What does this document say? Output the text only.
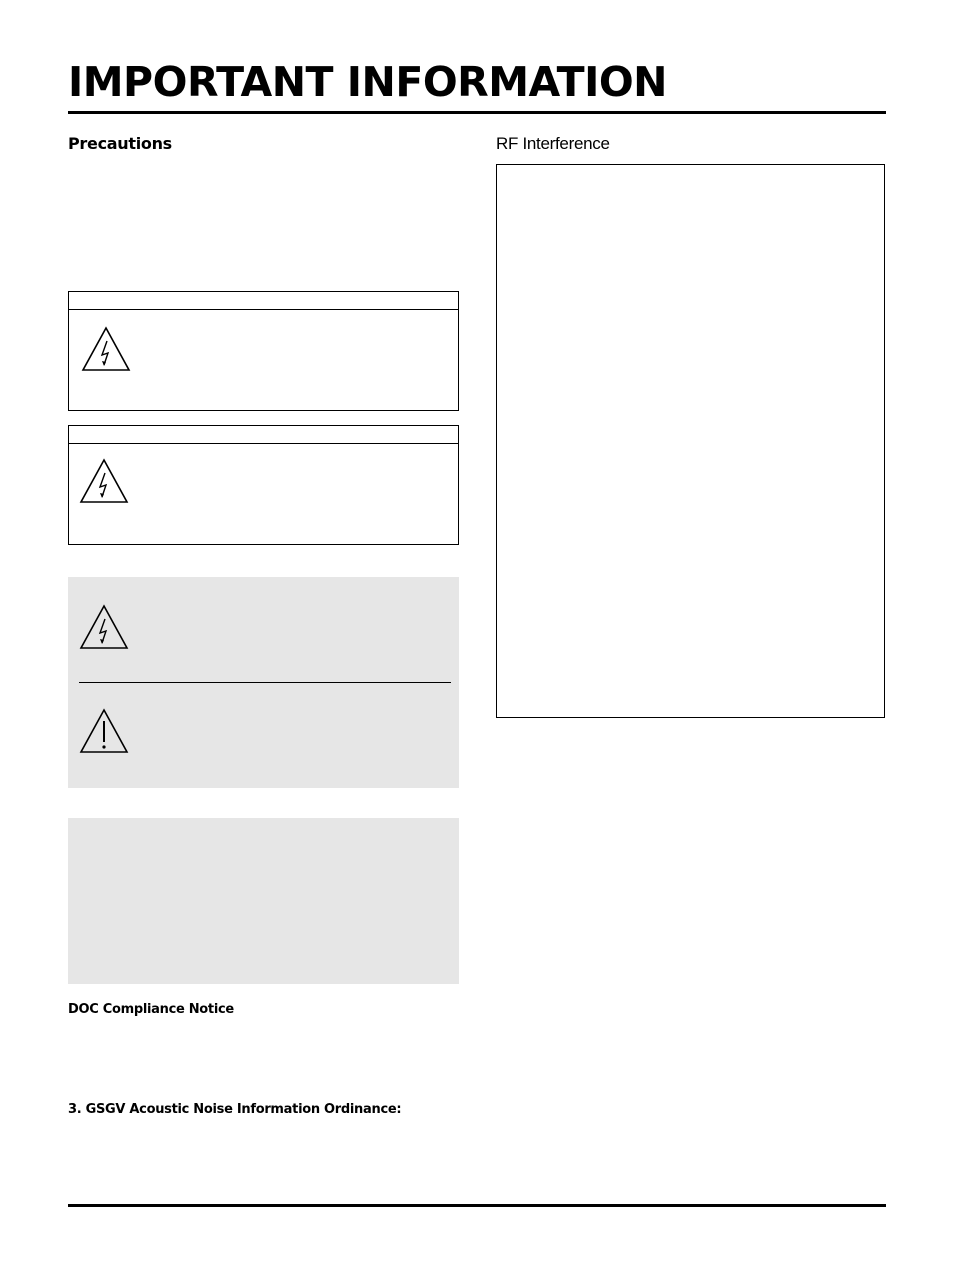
IMPORTANT INFORMATION
Precautions
DOC Compliance Notice
3. GSGV Acoustic Noise Information Ordinance:
RF Interference
